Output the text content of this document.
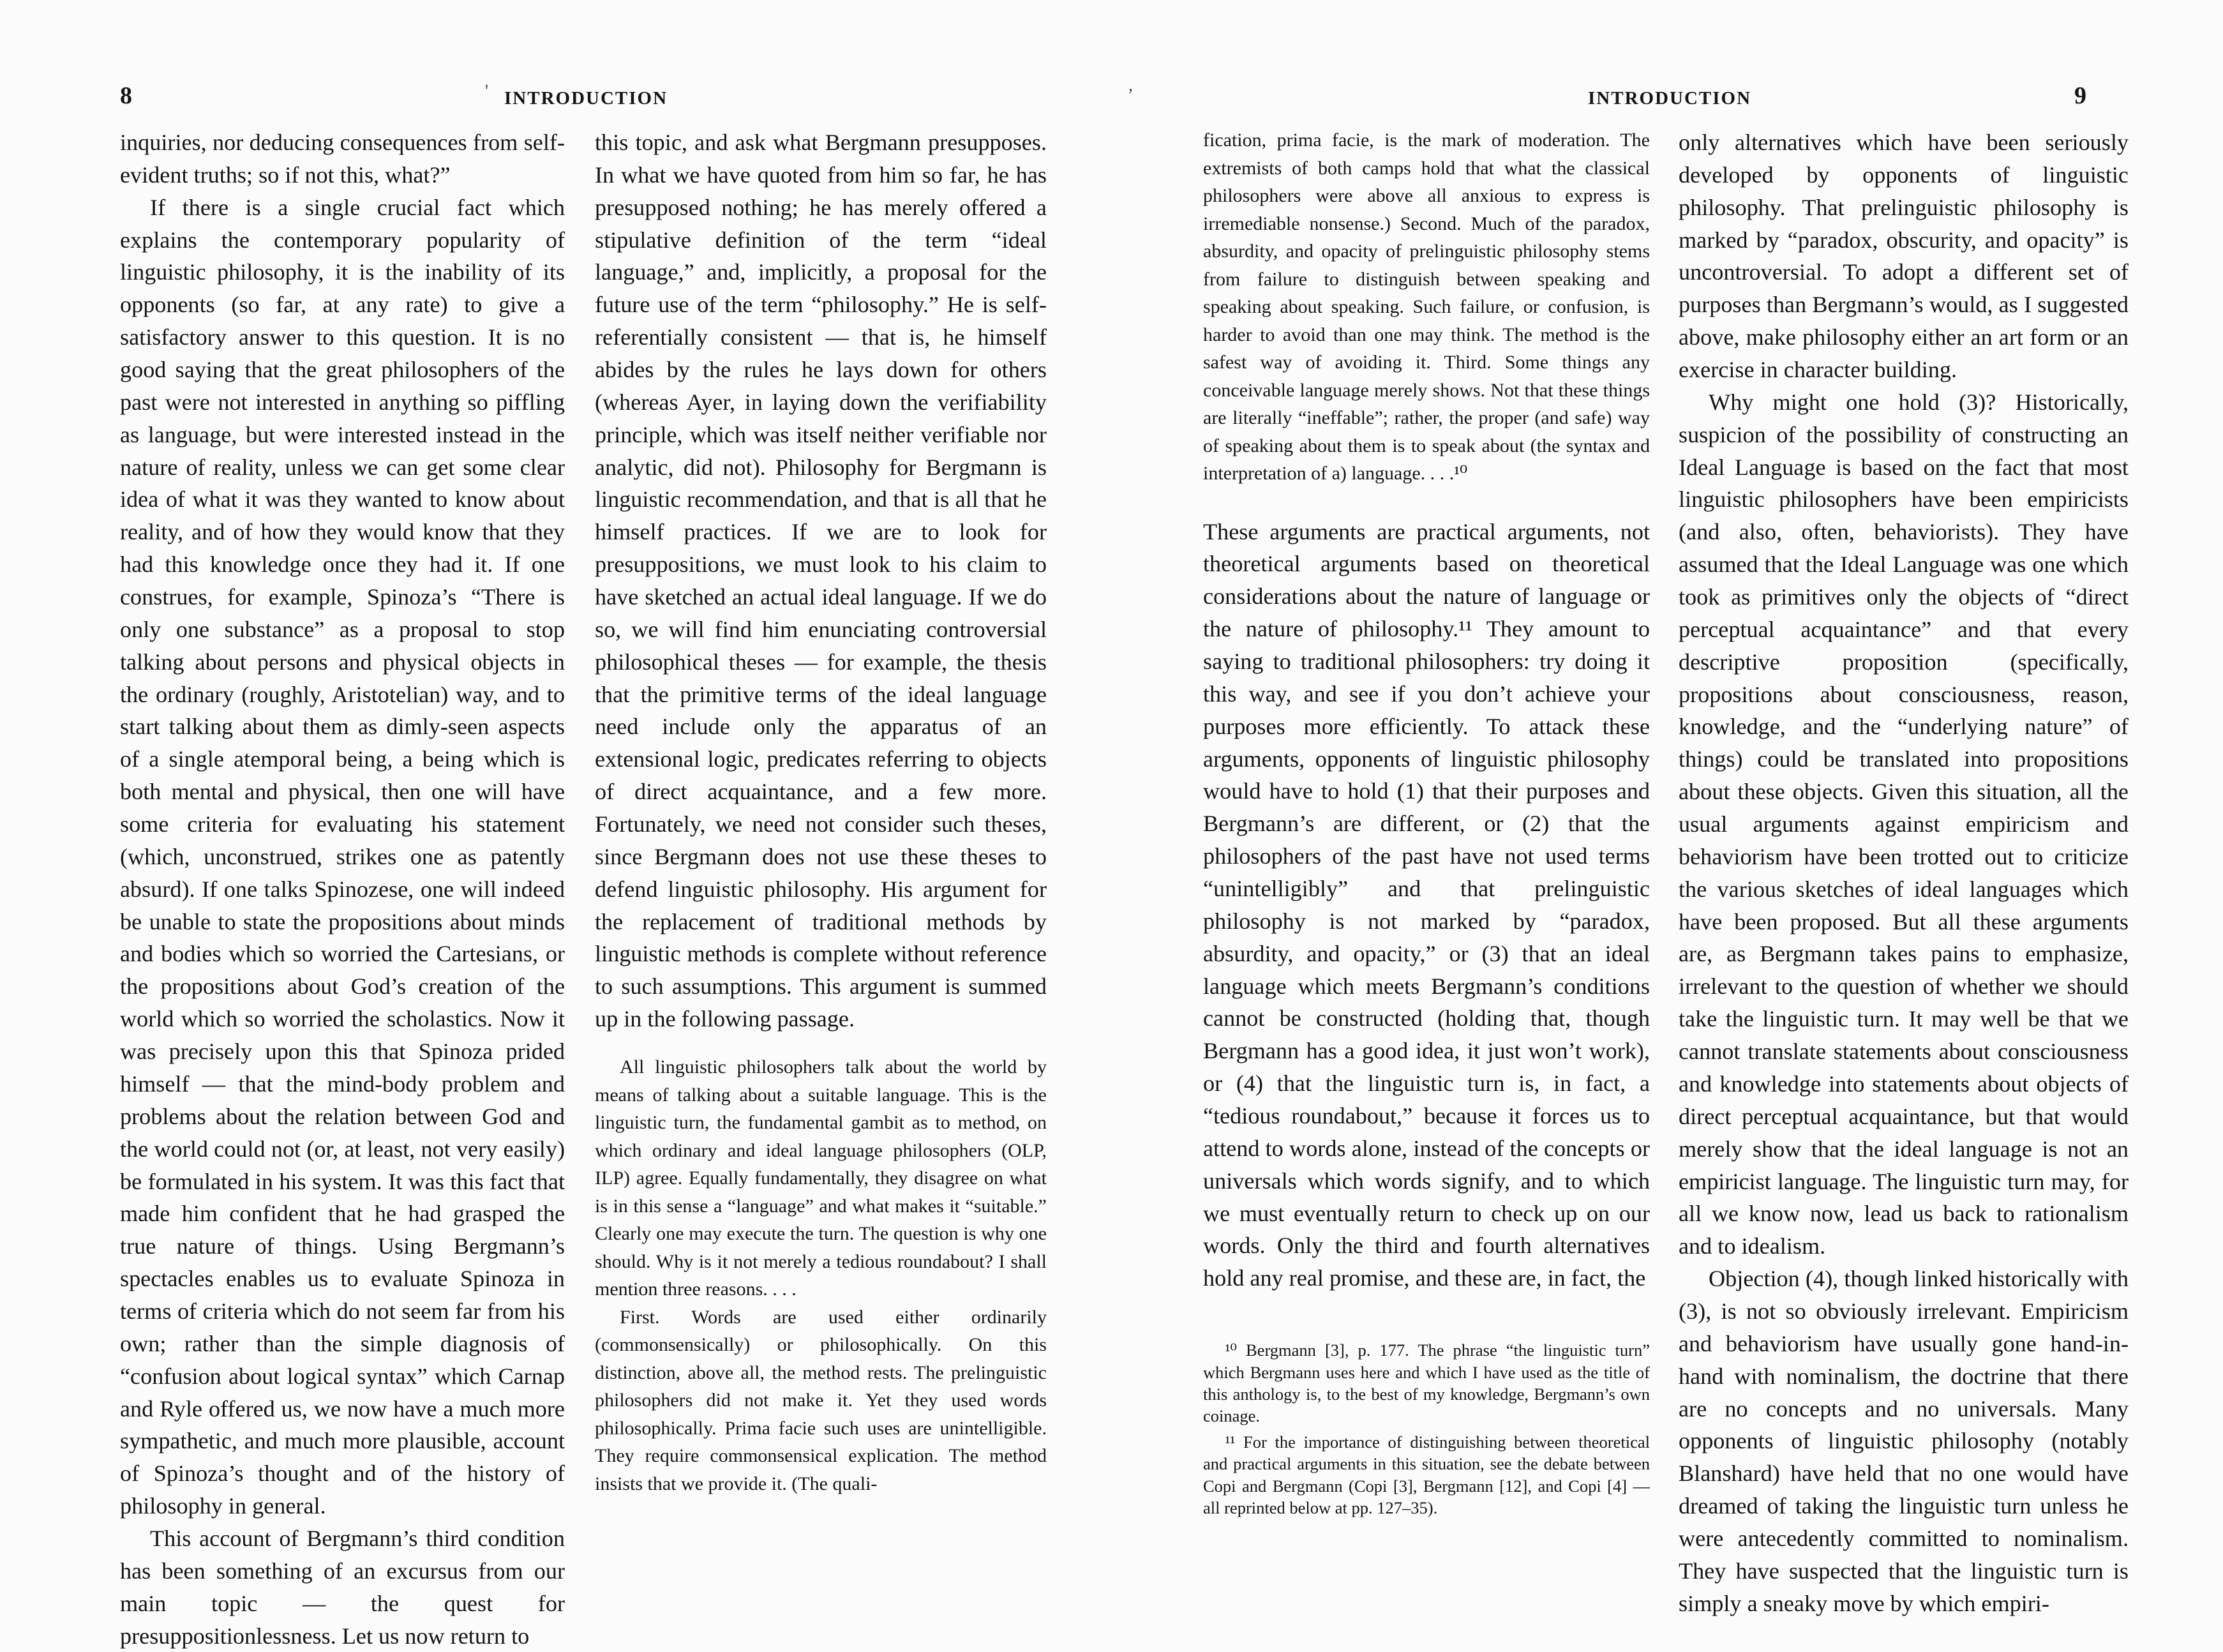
8	' INTRODUCTION

inquiries, nor deducing consequences from self-evident truths; so if not this, what?”

If there is a single crucial fact which explains the contemporary popularity of linguistic philosophy, it is the inability of its opponents (so far, at any rate) to give a satisfactory answer to this question. It is no good saying that the great philosophers of the past were not interested in anything so piffling as language, but were interested instead in the nature of reality, unless we can get some clear idea of what it was they wanted to know about reality, and of how they would know that they had this knowledge once they had it. If one construes, for example, Spinoza’s “There is only one substance” as a proposal to stop talking about persons and physical objects in the ordinary (roughly, Aristotelian) way, and to start talking about them as dimly-seen aspects of a single atemporal being, a being which is both mental and physical, then one will have some criteria for evaluating his statement (which, unconstrued, strikes one as patently absurd). If one talks Spinozese, one will indeed be unable to state the propositions about minds and bodies which so worried the Cartesians, or the propositions about God’s creation of the world which so worried the scholastics. Now it was precisely upon this that Spinoza prided himself — that the mind-body problem and problems about the relation between God and the world could not (or, at least, not very easily) be formulated in his system. It was this fact that made him confident that he had grasped the true nature of things. Using Bergmann’s spectacles enables us to evaluate Spinoza in terms of criteria which do not seem far from his own; rather than the simple diagnosis of “confusion about logical syntax” which Carnap and Ryle offered us, we now have a much more sympathetic, and much more plausible, account of Spinoza’s thought and of the history of philosophy in general.

This account of Bergmann’s third condition has been something of an excursus from our main topic — the quest for presuppositionlessness. Let us now return to

this topic, and ask what Bergmann presupposes. In what we have quoted from him so far, he has presupposed nothing; he has merely offered a stipulative definition of the term “ideal language,” and, implicitly, a proposal for the future use of the term “philosophy.” He is self-referentially consistent — that is, he himself abides by the rules he lays down for others (whereas Ayer, in laying down the verifiability principle, which was itself neither verifiable nor analytic, did not). Philosophy for Bergmann is linguistic recommendation, and that is all that he himself practices. If we are to look for presuppositions, we must look to his claim to have sketched an actual ideal language. If we do so, we will find him enunciating controversial philosophical theses — for example, the thesis that the primitive terms of the ideal language need include only the apparatus of an extensional logic, predicates referring to objects of direct acquaintance, and a few more. Fortunately, we need not consider such theses, since Bergmann does not use these theses to defend linguistic philosophy. His argument for the replacement of traditional methods by linguistic methods is complete without reference to such assumptions. This argument is summed up in the following passage.

All linguistic philosophers talk about the world by means of talking about a suitable language. This is the linguistic turn, the fundamental gambit as to method, on which ordinary and ideal language philosophers (OLP, ILP) agree. Equally fundamentally, they disagree on what is in this sense a “language” and what makes it “suitable.” Clearly one may execute the turn. The question is why one should. Why is it not merely a tedious roundabout? I shall mention three reasons. . . .

First. Words are used either ordinarily (commonsensically) or philosophically. On this distinction, above all, the method rests. The prelinguistic philosophers did not make it. Yet they used words philosophically. Prima facie such uses are unintelligible. They require commonsensical explication. The method insists that we provide it. (The quali-

,
INTRODUCTION	9

fication, prima facie, is the mark of moderation. The extremists of both camps hold that what the classical philosophers were above all anxious to express is irremediable nonsense.) Second. Much of the paradox, absurdity, and opacity of prelinguistic philosophy stems from failure to distinguish between speaking and speaking about speaking. Such failure, or confusion, is harder to avoid than one may think. The method is the safest way of avoiding it. Third. Some things any conceivable language merely shows. Not that these things are literally “ineffable”; rather, the proper (and safe) way of speaking about them is to speak about (the syntax and interpretation of a) language. . . .¹⁰

These arguments are practical arguments, not theoretical arguments based on theoretical considerations about the nature of language or the nature of philosophy.¹¹ They amount to saying to traditional philosophers: try doing it this way, and see if you don’t achieve your purposes more efficiently. To attack these arguments, opponents of linguistic philosophy would have to hold (1) that their purposes and Bergmann’s are different, or (2) that the philosophers of the past have not used terms “unintelligibly” and that prelinguistic philosophy is not marked by “paradox, absurdity, and opacity,” or (3) that an ideal language which meets Bergmann’s conditions cannot be constructed (holding that, though Bergmann has a good idea, it just won’t work), or (4) that the linguistic turn is, in fact, a “tedious roundabout,” because it forces us to attend to words alone, instead of the concepts or universals which words signify, and to which we must eventually return to check up on our words. Only the third and fourth alternatives hold any real promise, and these are, in fact, the

¹⁰ Bergmann [3], p. 177. The phrase “the linguistic turn” which Bergmann uses here and which I have used as the title of this anthology is, to the best of my knowledge, Bergmann’s own coinage.

¹¹ For the importance of distinguishing between theoretical and practical arguments in this situation, see the debate between Copi and Bergmann (Copi [3], Bergmann [12], and Copi [4] — all reprinted below at pp. 127–35).

only alternatives which have been seriously developed by opponents of linguistic philosophy. That prelinguistic philosophy is marked by “paradox, obscurity, and opacity” is uncontroversial. To adopt a different set of purposes than Bergmann’s would, as I suggested above, make philosophy either an art form or an exercise in character building.

Why might one hold (3)? Historically, suspicion of the possibility of constructing an Ideal Language is based on the fact that most linguistic philosophers have been empiricists (and also, often, behaviorists). They have assumed that the Ideal Language was one which took as primitives only the objects of “direct perceptual acquaintance” and that every descriptive proposition (specifically, propositions about consciousness, reason, knowledge, and the “underlying nature” of things) could be translated into propositions about these objects. Given this situation, all the usual arguments against empiricism and behaviorism have been trotted out to criticize the various sketches of ideal languages which have been proposed. But all these arguments are, as Bergmann takes pains to emphasize, irrelevant to the question of whether we should take the linguistic turn. It may well be that we cannot translate statements about consciousness and knowledge into statements about objects of direct perceptual acquaintance, but that would merely show that the ideal language is not an empiricist language. The linguistic turn may, for all we know now, lead us back to rationalism and to idealism.

Objection (4), though linked historically with (3), is not so obviously irrelevant. Empiricism and behaviorism have usually gone hand-in-hand with nominalism, the doctrine that there are no concepts and no universals. Many opponents of linguistic philosophy (notably Blanshard) have held that no one would have dreamed of taking the linguistic turn unless he were antecedently committed to nominalism. They have suspected that the linguistic turn is simply a sneaky move by which empiri-
